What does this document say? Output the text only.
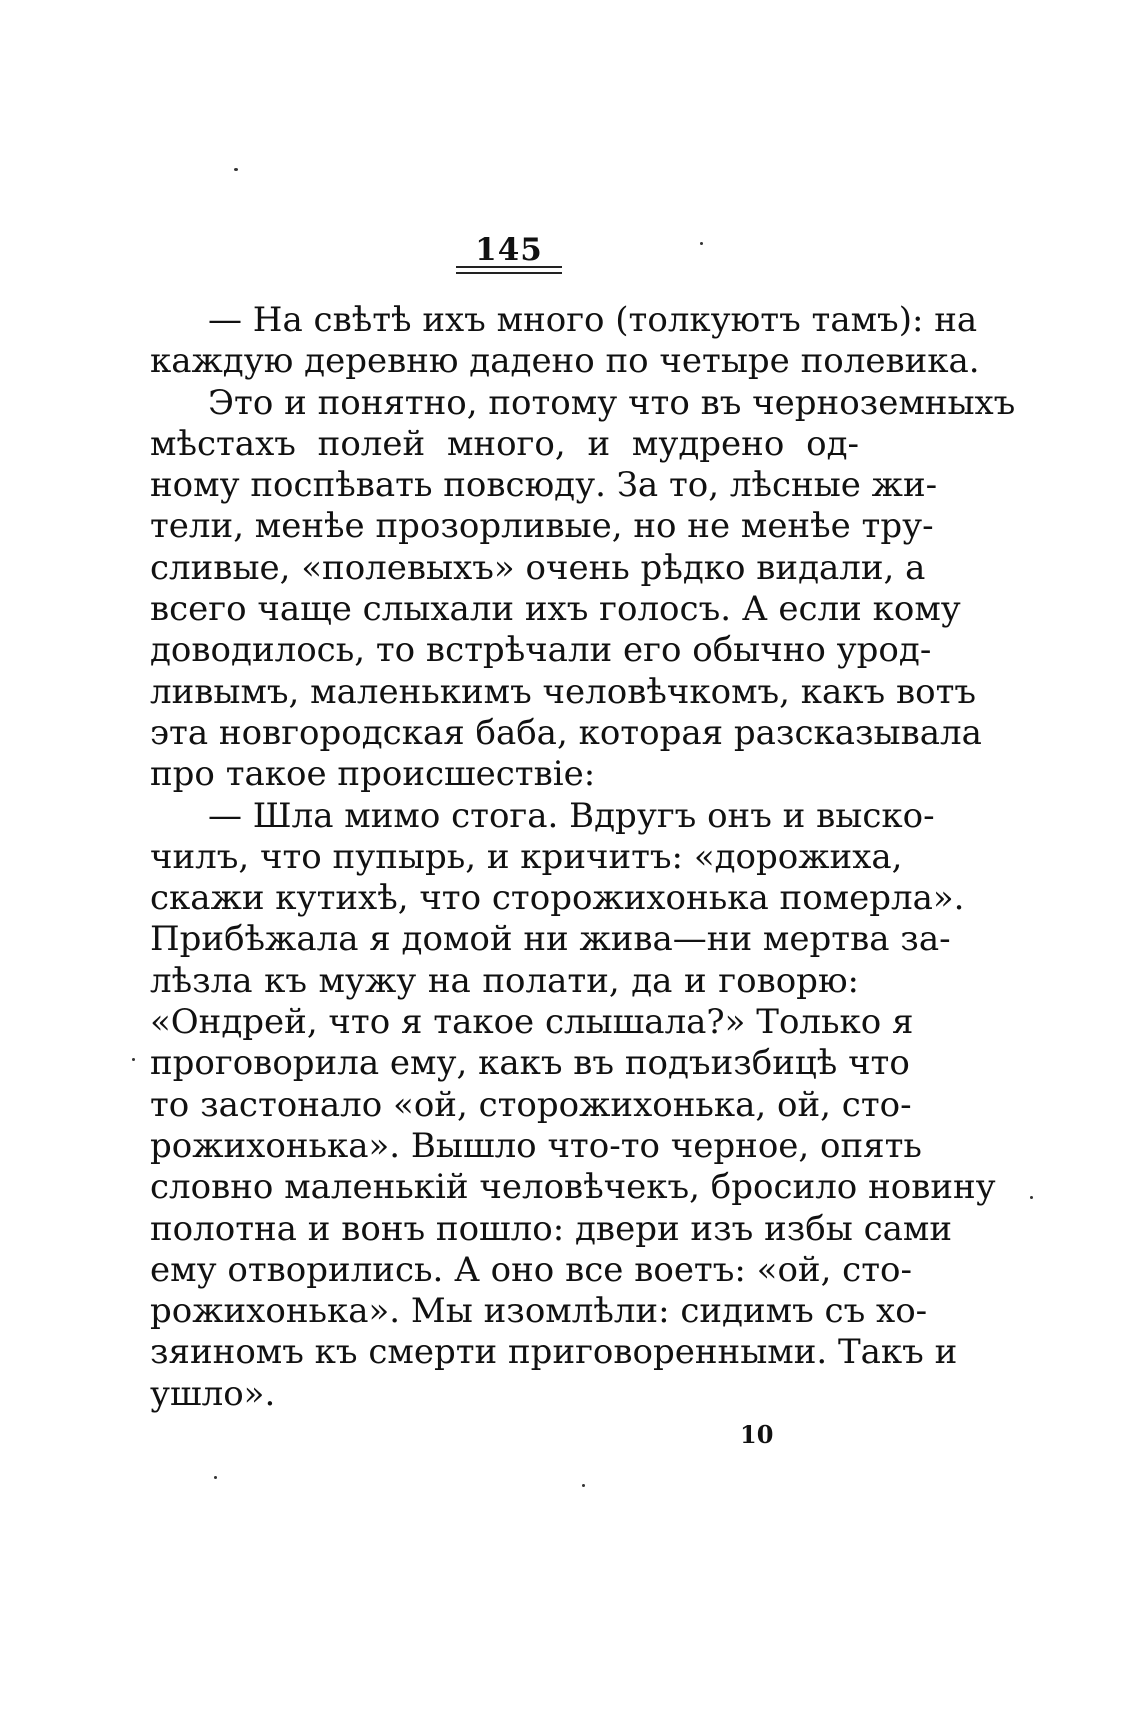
145
— На свѣтѣ ихъ много (толкуютъ тамъ): на
каждую деревню дадено по четыре полевика.
Это и понятно, потому что въ черноземныхъ
мѣстахъ полей много, и мудрено од-
ному поспѣвать повсюду. За то, лѣсные жи-
тели, менѣе прозорливые, но не менѣе тру-
сливые, «полевыхъ» очень рѣдко видали, а
всего чаще слыхали ихъ голосъ. А если кому
доводилось, то встрѣчали его обычно урод-
ливымъ, маленькимъ человѣчкомъ, какъ вотъ
эта новгородская баба, которая разсказывала
про такое происшествіе:
— Шла мимо стога. Вдругъ онъ и выско-
чилъ, что пупырь, и кричитъ: «дорожиха,
скажи кутихѣ, что сторожихонька померла».
Прибѣжала я домой ни жива—ни мертва за-
лѣзла къ мужу на полати, да и говорю:
«Ондрей, что я такое слышала?» Только я
проговорила ему, какъ въ подъизбицѣ что
то застонало «ой, сторожихонька, ой, сто-
рожихонька». Вышло что-то черное, опять
словно маленькій человѣчекъ, бросило новину
полотна и вонъ пошло: двери изъ избы сами
ему отворились. А оно все воетъ: «ой, сто-
рожихонька». Мы изомлѣли: сидимъ съ хо-
зяиномъ къ смерти приговоренными. Такъ и
ушло».
10
